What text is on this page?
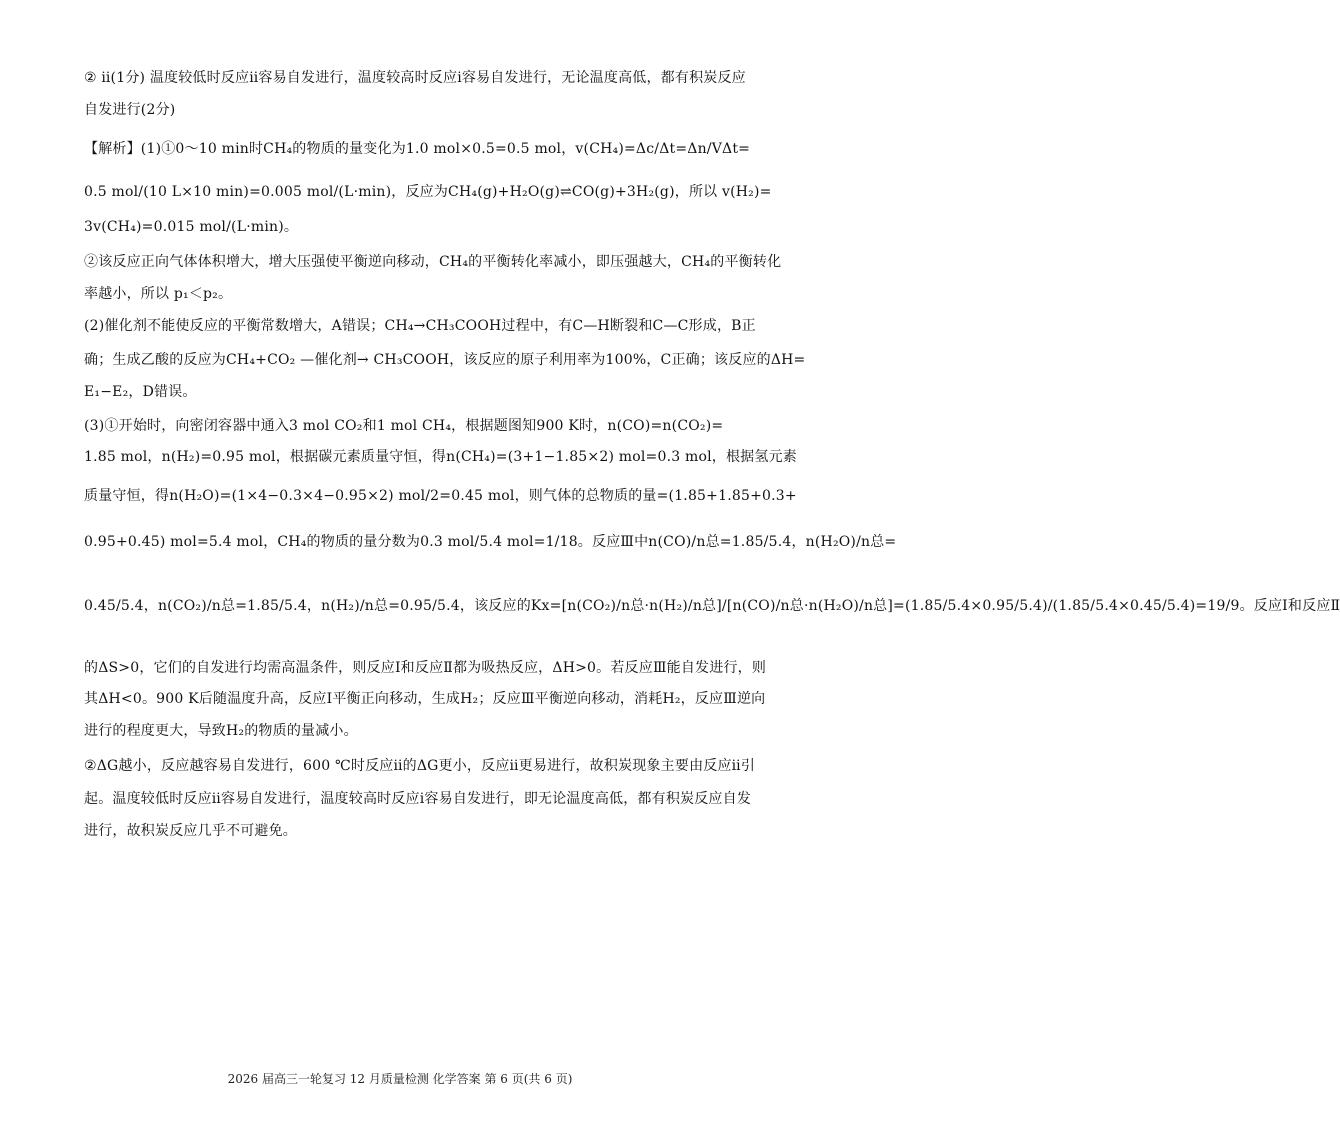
② ⅱ(1分) 温度较低时反应ⅱ容易自发进行，温度较高时反应ⅰ容易自发进行，无论温度高低，都有积炭反应
自发进行(2分)
【解析】(1)①0～10 min时CH₄的物质的量变化为1.0 mol×0.5=0.5 mol，v(CH₄)=Δc/Δt=Δn/VΔt=
0.5 mol/(10 L×10 min)=0.005 mol/(L·min)，反应为CH₄(g)+H₂O(g)⇌CO(g)+3H₂(g)，所以 v(H₂)=
3v(CH₄)=0.015 mol/(L·min)。
②该反应正向气体体积增大，增大压强使平衡逆向移动，CH₄的平衡转化率减小，即压强越大，CH₄的平衡转化
率越小，所以 p₁＜p₂。
(2)催化剂不能使反应的平衡常数增大，A错误；CH₄→CH₃COOH过程中，有C—H断裂和C—C形成，B正
确；生成乙酸的反应为CH₄+CO₂ —催化剂→ CH₃COOH，该反应的原子利用率为100%，C正确；该反应的ΔH=
E₁−E₂，D错误。
(3)①开始时，向密闭容器中通入3 mol CO₂和1 mol CH₄，根据题图知900 K时，n(CO)=n(CO₂)=
1.85 mol，n(H₂)=0.95 mol，根据碳元素质量守恒，得n(CH₄)=(3+1−1.85×2) mol=0.3 mol，根据氢元素
质量守恒，得n(H₂O)=(1×4−0.3×4−0.95×2) mol/2=0.45 mol，则气体的总物质的量=(1.85+1.85+0.3+
0.95+0.45) mol=5.4 mol，CH₄的物质的量分数为0.3 mol/5.4 mol=1/18。反应Ⅲ中n(CO)/n总=1.85/5.4，n(H₂O)/n总=
0.45/5.4，n(CO₂)/n总=1.85/5.4，n(H₂)/n总=0.95/5.4，该反应的Kx=[n(CO₂)/n总·n(H₂)/n总]/[n(CO)/n总·n(H₂O)/n总]=(1.85/5.4×0.95/5.4)/(1.85/5.4×0.45/5.4)=19/9。反应Ⅰ和反应Ⅱ
的ΔS>0，它们的自发进行均需高温条件，则反应Ⅰ和反应Ⅱ都为吸热反应，ΔH>0。若反应Ⅲ能自发进行，则
其ΔH<0。900 K后随温度升高，反应Ⅰ平衡正向移动，生成H₂；反应Ⅲ平衡逆向移动，消耗H₂，反应Ⅲ逆向
进行的程度更大，导致H₂的物质的量减小。
②ΔG越小，反应越容易自发进行，600 ℃时反应ⅱ的ΔG更小，反应ⅱ更易进行，故积炭现象主要由反应ⅱ引
起。温度较低时反应ⅱ容易自发进行，温度较高时反应ⅰ容易自发进行，即无论温度高低，都有积炭反应自发
进行，故积炭反应几乎不可避免。
2026 届高三一轮复习 12 月质量检测 化学答案 第 6 页(共 6 页)
